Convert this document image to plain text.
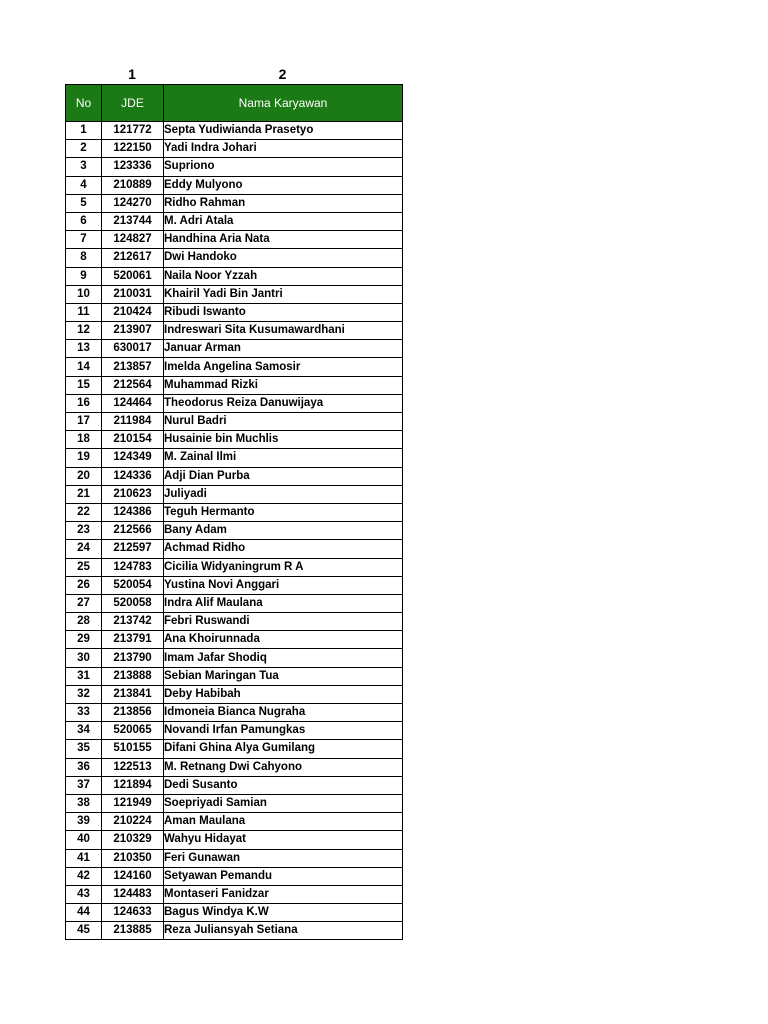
1	2
No	JDE	Nama Karyawan
1	121772	Septa Yudiwianda Prasetyo
2	122150	Yadi Indra Johari
3	123336	Supriono
4	210889	Eddy Mulyono
5	124270	Ridho Rahman
6	213744	M. Adri Atala
7	124827	Handhina Aria Nata
8	212617	Dwi Handoko
9	520061	Naila Noor Yzzah
10	210031	Khairil Yadi Bin Jantri
11	210424	Ribudi Iswanto
12	213907	Indreswari Sita Kusumawardhani
13	630017	Januar Arman
14	213857	Imelda Angelina Samosir
15	212564	Muhammad Rizki
16	124464	Theodorus Reiza Danuwijaya
17	211984	Nurul Badri
18	210154	Husainie bin Muchlis
19	124349	M. Zainal Ilmi
20	124336	Adji Dian Purba
21	210623	Juliyadi
22	124386	Teguh Hermanto
23	212566	Bany Adam
24	212597	Achmad Ridho
25	124783	Cicilia Widyaningrum R A
26	520054	Yustina Novi Anggari
27	520058	Indra Alif Maulana
28	213742	Febri Ruswandi
29	213791	Ana Khoirunnada
30	213790	Imam Jafar Shodiq
31	213888	Sebian Maringan Tua
32	213841	Deby Habibah
33	213856	Idmoneia Bianca Nugraha
34	520065	Novandi Irfan Pamungkas
35	510155	Difani Ghina Alya Gumilang
36	122513	M. Retnang Dwi Cahyono
37	121894	Dedi Susanto
38	121949	Soepriyadi Samian
39	210224	Aman Maulana
40	210329	Wahyu Hidayat
41	210350	Feri Gunawan
42	124160	Setyawan Pemandu
43	124483	Montaseri Fanidzar
44	124633	Bagus Windya K.W
45	213885	Reza Juliansyah Setiana
